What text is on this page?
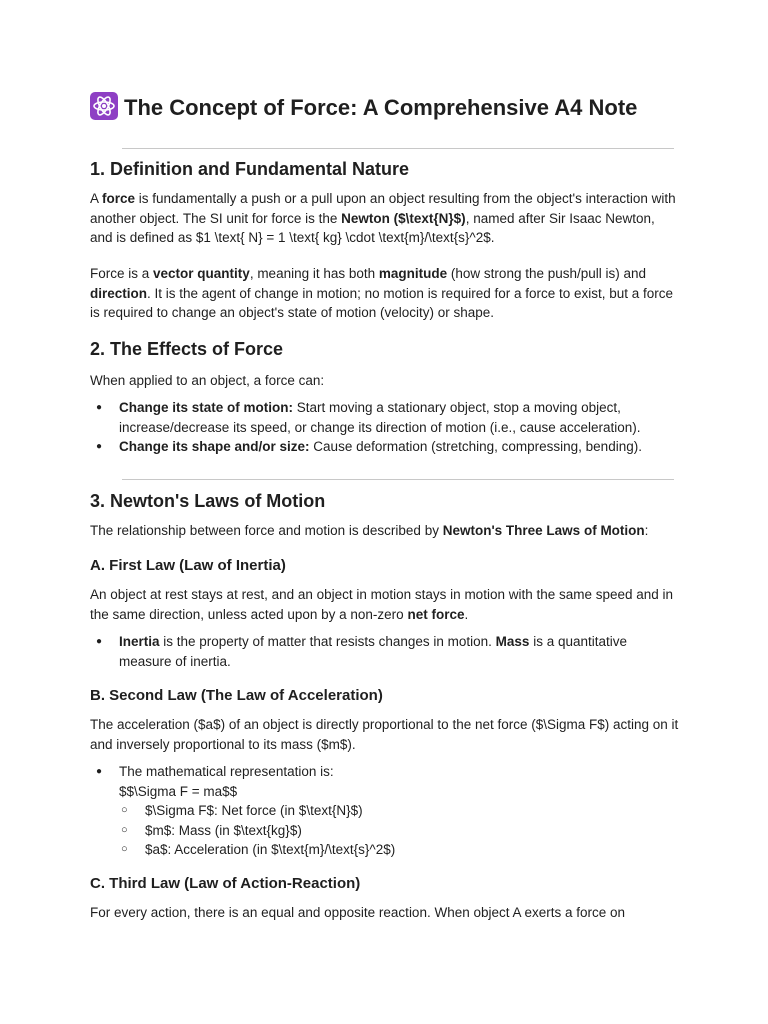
The Concept of Force: A Comprehensive A4 Note
1. Definition and Fundamental Nature

A force is fundamentally a push or a pull upon an object resulting from the object's interaction with another object. The SI unit for force is the Newton ($\text{N}$), named after Sir Isaac Newton, and is defined as $1 \text{ N} = 1 \text{ kg} \cdot \text{m}/\text{s}^2$.

Force is a vector quantity, meaning it has both magnitude (how strong the push/pull is) and direction. It is the agent of change in motion; no motion is required for a force to exist, but a force is required to change an object's state of motion (velocity) or shape.

2. The Effects of Force

When applied to an object, a force can:

● Change its state of motion: Start moving a stationary object, stop a moving object, increase/decrease its speed, or change its direction of motion (i.e., cause acceleration).
● Change its shape and/or size: Cause deformation (stretching, compressing, bending).
3. Newton's Laws of Motion

The relationship between force and motion is described by Newton's Three Laws of Motion:

A. First Law (Law of Inertia)

An object at rest stays at rest, and an object in motion stays in motion with the same speed and in the same direction, unless acted upon by a non-zero net force.

● Inertia is the property of matter that resists changes in motion. Mass is a quantitative measure of inertia.
B. Second Law (The Law of Acceleration)

The acceleration ($a$) of an object is directly proportional to the net force ($\Sigma F$) acting on it and inversely proportional to its mass ($m$).

● The mathematical representation is:
$$\Sigma F = ma$$
○ $\Sigma F$: Net force (in $\text{N}$)
○ $m$: Mass (in $\text{kg}$)
○ $a$: Acceleration (in $\text{m}/\text{s}^2$)
C. Third Law (Law of Action-Reaction)

For every action, there is an equal and opposite reaction. When object A exerts a force on
